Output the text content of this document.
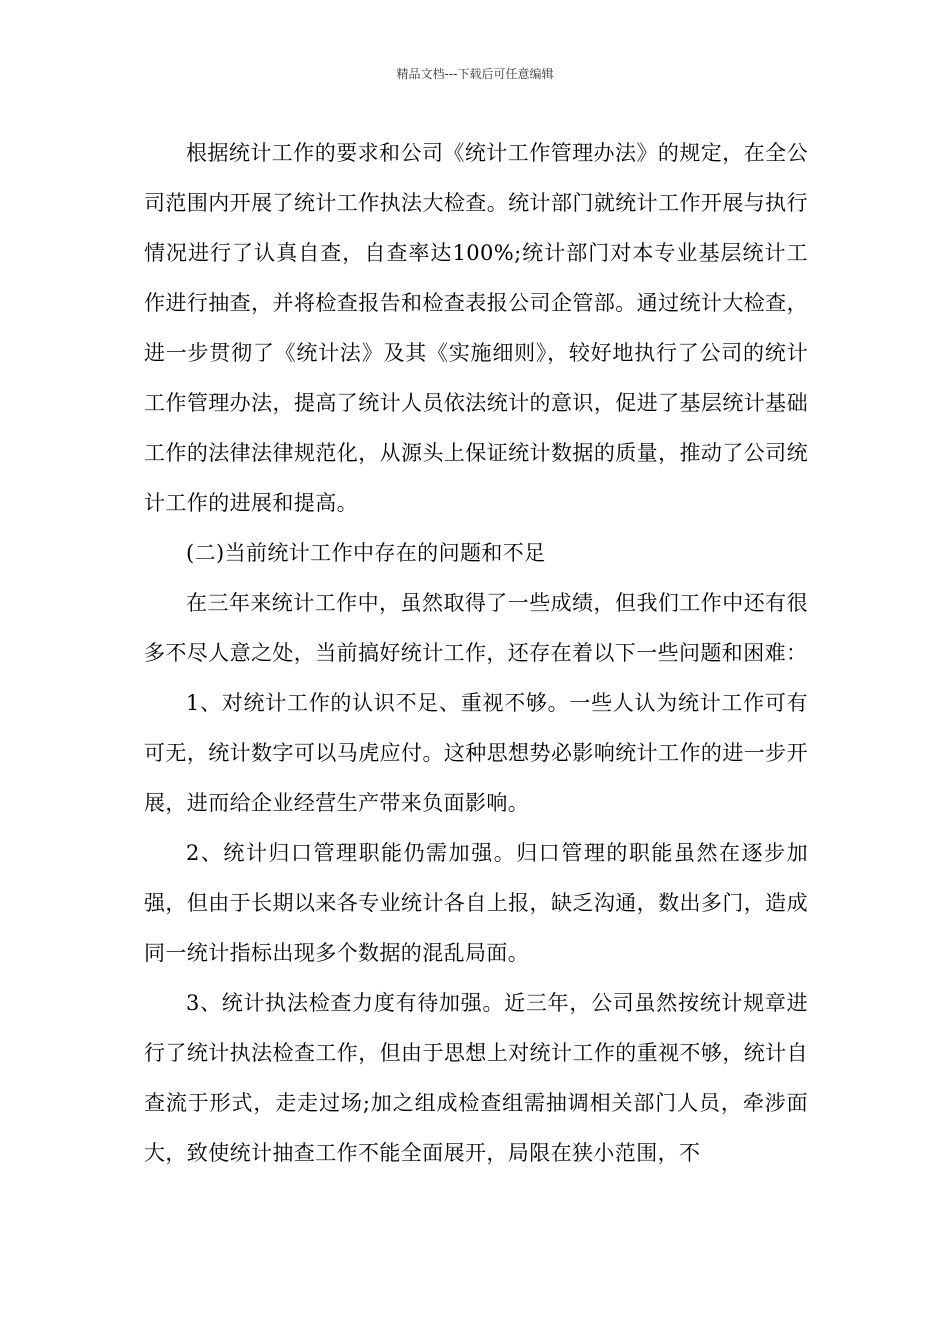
精品文档---下载后可任意编辑

根据统计工作的要求和公司《统计工作管理办法》的规定，在全公司范围内开展了统计工作执法大检查。统计部门就统计工作开展与执行情况进行了认真自查，自查率达100%;统计部门对本专业基层统计工作进行抽查，并将检查报告和检查表报公司企管部。通过统计大检查，进一步贯彻了《统计法》及其《实施细则》，较好地执行了公司的统计工作管理办法，提高了统计人员依法统计的意识，促进了基层统计基础工作的法律法律规范化，从源头上保证统计数据的质量，推动了公司统计工作的进展和提高。

(二)当前统计工作中存在的问题和不足

在三年来统计工作中，虽然取得了一些成绩，但我们工作中还有很多不尽人意之处，当前搞好统计工作，还存在着以下一些问题和困难：

1、对统计工作的认识不足、重视不够。一些人认为统计工作可有可无，统计数字可以马虎应付。这种思想势必影响统计工作的进一步开展，进而给企业经营生产带来负面影响。

2、统计归口管理职能仍需加强。归口管理的职能虽然在逐步加强，但由于长期以来各专业统计各自上报，缺乏沟通，数出多门，造成同一统计指标出现多个数据的混乱局面。

3、统计执法检查力度有待加强。近三年，公司虽然按统计规章进行了统计执法检查工作，但由于思想上对统计工作的重视不够，统计自查流于形式，走走过场;加之组成检查组需抽调相关部门人员，牵涉面大，致使统计抽查工作不能全面展开，局限在狭小范围，不
